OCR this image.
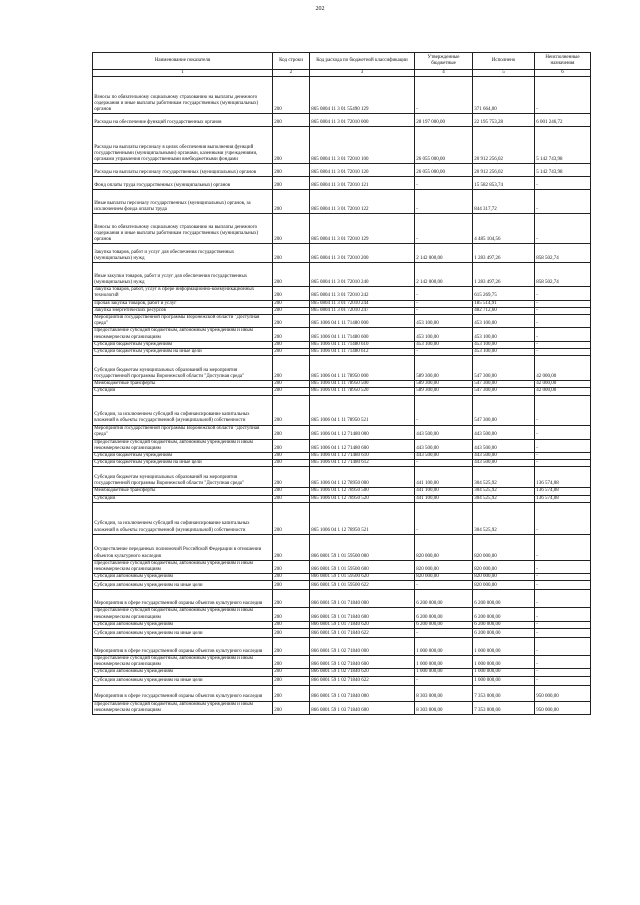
202
Наименование показателя	Код строки	Код расхода по бюджетной классификации	Утвержденные бюджетные	Исполнено	Неисполненные назначения
1	2	3	4	5	6
Взносы по обязательному социальному страхованию на выплаты денежного содержания и иные выплаты работникам государственных (муниципальных) органов	200	865 0804 11 3 01 55490 129	-	371 664,00	-
Расходы на обеспечение функций государственных органов	200	865 0804 11 3 01 72010 000	28 197 000,00	22 195 753,28	6 001 246,72
Расходы на выплаты персоналу в целях обеспечения выполнения функций государственными (муниципальными) органами, казенными учреждениями, органами управления государственными внебюджетными фондами	200	865 0804 11 3 01 72010 100	26 055 000,00	20 912 256,02	5 142 743,98
Расходы на выплаты персоналу государственных (муниципальных) органов	200	865 0804 11 3 01 72010 120	26 055 000,00	20 912 256,02	5 142 743,98
Фонд оплаты труда государственных (муниципальных) органов	200	865 0804 11 3 01 72010 121	-	15 582 853,74	-
Иные выплаты персоналу государственных (муниципальных) органов, за исключением фонда оплаты труда	200	865 0804 11 3 01 72010 122	-	844 317,72	-
Взносы по обязательному социальному страхованию на выплаты денежного содержания и иные выплаты работникам государственных (муниципальных) органов	200	865 0804 11 3 01 72010 129	-	4 485 104,56	-
Закупка товаров, работ и услуг для обеспечения государственных (муниципальных) нужд	200	865 0804 11 3 01 72010 200	2 142 000,00	1 283 497,26	858 502,74
Иные закупки товаров, работ и услуг для обеспечения государственных (муниципальных) нужд	200	865 0804 11 3 01 72010 240	2 142 000,00	1 283 497,26	858 502,74
Закупка товаров, работ, услуг в сфере информационно-коммуникационных технологий	200	865 0804 11 3 01 72010 242	-	615 269,75	-
Прочая закупка товаров, работ и услуг	200	865 0804 11 3 01 72010 244	-	185 514,91	-
Закупка энергетических ресурсов	200	865 0804 11 3 01 72010 247	-	482 712,60	-
Мероприятия государственной программы Воронежской области "Доступная среда"	200	865 1006 04 1 11 71480 000	453 100,00	453 100,00	-
Предоставление субсидий бюджетным, автономным учреждениям и иным некоммерческим организациям	200	865 1006 04 1 11 71480 600	453 100,00	453 100,00	-
Субсидии бюджетным учреждениям	200	865 1006 04 1 11 71480 610	453 100,00	453 100,00	-
Субсидии бюджетным учреждениям на иные цели	200	865 1006 04 1 11 71480 612	-	453 100,00	-
Субсидии бюджетам муниципальных образований на мероприятия государственной программы Воронежской области "Доступная среда"	200	865 1006 04 1 11 78950 000	589 300,00	547 300,00	42 000,00
Межбюджетные трансферты	200	865 1006 04 1 11 78950 500	589 300,00	547 300,00	42 000,00
Субсидии	200	865 1006 04 1 11 78950 520	589 300,00	547 300,00	42 000,00
Субсидии, за исключением субсидий на софинансирование капитальных вложений в объекты государственной (муниципальной) собственности	200	865 1006 04 1 11 78950 521	-	547 300,00	-
Мероприятия государственной программы Воронежской области "Доступная среда"	200	865 1006 04 1 12 71480 000	443 500,00	443 500,00	-
Предоставление субсидий бюджетным, автономным учреждениям и иным некоммерческим организациям	200	865 1006 04 1 12 71480 600	443 500,00	443 500,00	-
Субсидии бюджетным учреждениям	200	865 1006 04 1 12 71480 610	443 500,00	443 500,00	-
Субсидии бюджетным учреждениям на иные цели	200	865 1006 04 1 12 71480 612	-	443 500,00	-
Субсидии бюджетам муниципальных образований на мероприятия государственной программы Воронежской области "Доступная среда"	200	865 1006 04 1 12 78950 000	441 100,00	304 525,92	136 574,08
Межбюджетные трансферты	200	865 1006 04 1 12 78950 500	441 100,00	304 525,92	136 574,08
Субсидии	200	865 1006 04 1 12 78950 520	441 100,00	304 525,92	136 574,08
Субсидии, за исключением субсидий на софинансирование капитальных вложений в объекты государственной (муниципальной) собственности	200	865 1006 04 1 12 78950 521	-	304 525,92	-
Осуществление переданных полномочий Российской Федерации в отношении объектов культурного наследия	200	866 0801 59 1 01 59500 000	820 000,00	820 000,00	-
Предоставление субсидий бюджетным, автономным учреждениям и иным некоммерческим организациям	200	866 0801 59 1 01 59500 600	820 000,00	820 000,00	-
Субсидии автономным учреждениям	200	866 0801 59 1 01 59500 620	820 000,00	820 000,00	-
Субсидии автономным учреждениям на иные цели	200	866 0801 59 1 01 59500 622	-	820 000,00	-
Мероприятия в сфере государственной охраны объектов культурного наследия	200	866 0801 59 1 01 71840 000	6 200 000,00	6 200 000,00	-
Предоставление субсидий бюджетным, автономным учреждениям и иным некоммерческим организациям	200	866 0801 59 1 01 71840 600	6 200 000,00	6 200 000,00	-
Субсидии автономным учреждениям	200	866 0801 59 1 01 71840 620	6 200 000,00	6 200 000,00	-
Субсидии автономным учреждениям на иные цели	200	866 0801 59 1 01 71840 622	-	6 200 000,00	-
Мероприятия в сфере государственной охраны объектов культурного наследия	200	866 0801 59 1 02 71840 000	1 000 000,00	1 000 000,00	-
Предоставление субсидий бюджетным, автономным учреждениям и иным некоммерческим организациям	200	866 0801 59 1 02 71840 600	1 000 000,00	1 000 000,00	-
Субсидии автономным учреждениям	200	866 0801 59 1 02 71840 620	1 000 000,00	1 000 000,00	-
Субсидии автономным учреждениям на иные цели	200	866 0801 59 1 02 71840 622	-	1 000 000,00	-
Мероприятия в сфере государственной охраны объектов культурного наследия	200	866 0801 59 1 03 71840 000	8 303 000,00	7 353 000,00	950 000,00
Предоставление субсидий бюджетным, автономным учреждениям и иным некоммерческим организациям	200	866 0801 59 1 03 71840 600	8 303 000,00	7 353 000,00	950 000,00
